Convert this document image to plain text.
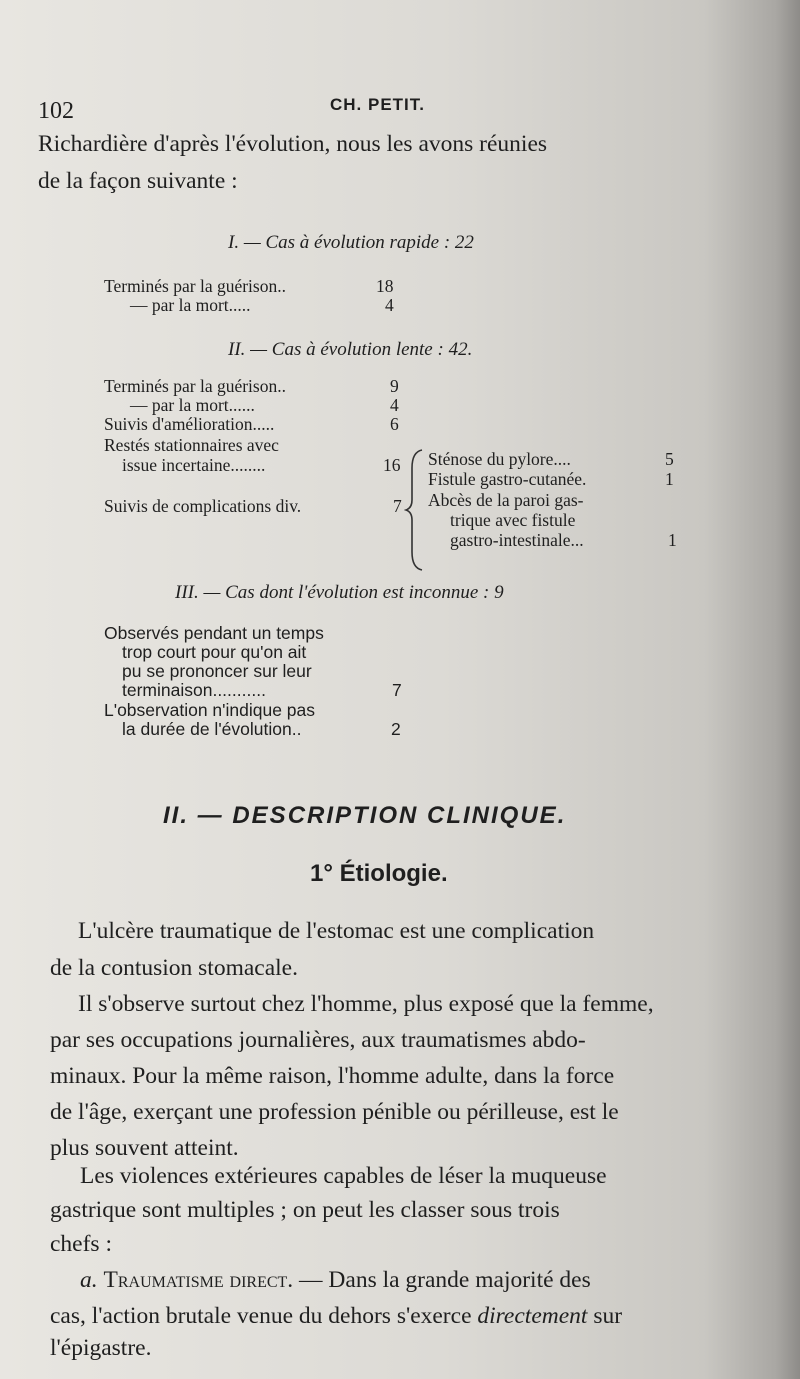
102	CH. PETIT.
Richardière d'après l'évolution, nous les avons réunies
de la façon suivante :
I. — Cas à évolution rapide : 22
Terminés par la guérison..	18
— par la mort.....	4
II. — Cas à évolution lente : 42.
Terminés par la guérison..	9
— par la mort......	4
Suivis d'amélioration.....	6
Restés stationnaires avec
issue incertaine........	16
Suivis de complications div.	7
Sténose du pylore....	5
Fistule gastro-cutanée.	1
Abcès de la paroi gas-
trique avec fistule
gastro-intestinale...	1
III. — Cas dont l'évolution est inconnue : 9
Observés pendant un temps
trop court pour qu'on ait
pu se prononcer sur leur
terminaison...........	7
L'observation n'indique pas
la durée de l'évolution..	2
II. — DESCRIPTION CLINIQUE.
1° Étiologie.
L'ulcère traumatique de l'estomac est une complication
de la contusion stomacale.
Il s'observe surtout chez l'homme, plus exposé que la femme,
par ses occupations journalières, aux traumatismes abdo-
minaux. Pour la même raison, l'homme adulte, dans la force
de l'âge, exerçant une profession pénible ou périlleuse, est le
plus souvent atteint.
Les violences extérieures capables de léser la muqueuse
gastrique sont multiples ; on peut les classer sous trois
chefs :
a. Traumatisme direct. — Dans la grande majorité des
cas, l'action brutale venue du dehors s'exerce directement sur
l'épigastre.
